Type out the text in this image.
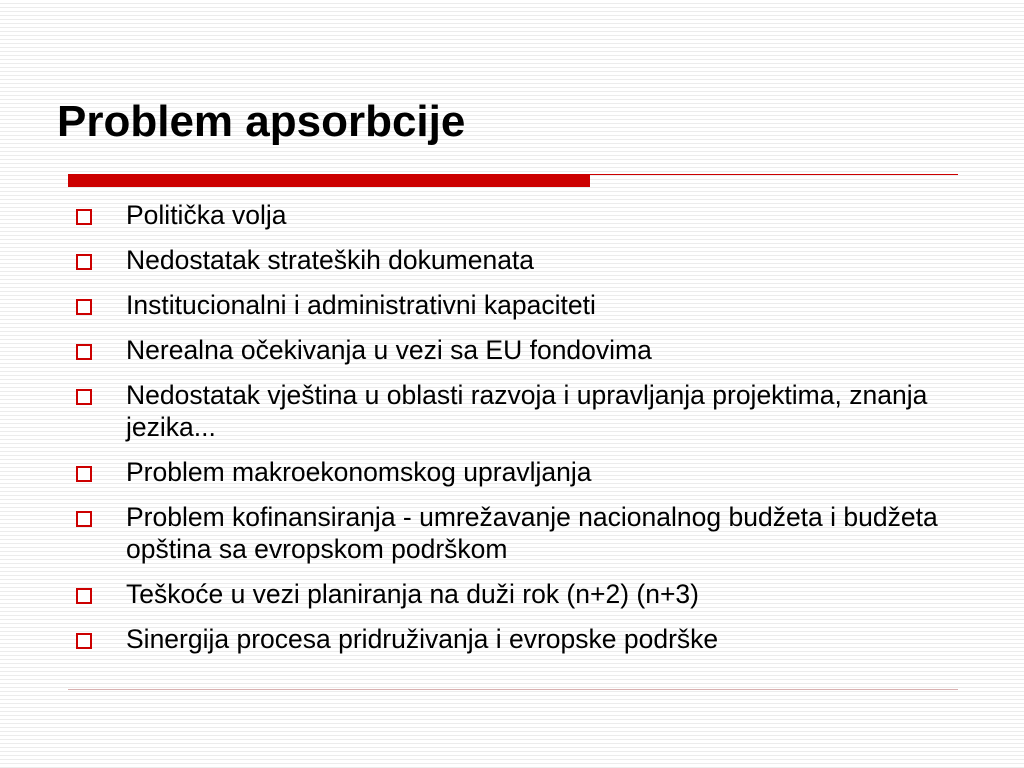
Problem apsorbcije
Politička volja
Nedostatak strateških dokumenata
Institucionalni i administrativni kapaciteti
Nerealna očekivanja u vezi sa EU fondovima
Nedostatak vještina u oblasti razvoja i upravljanja projektima, znanja jezika...
Problem makroekonomskog upravljanja
Problem kofinansiranja - umrežavanje nacionalnog budžeta i budžeta opština sa evropskom podrškom
Teškoće u vezi planiranja na duži rok (n+2) (n+3)
Sinergija procesa pridruživanja i evropske podrške
